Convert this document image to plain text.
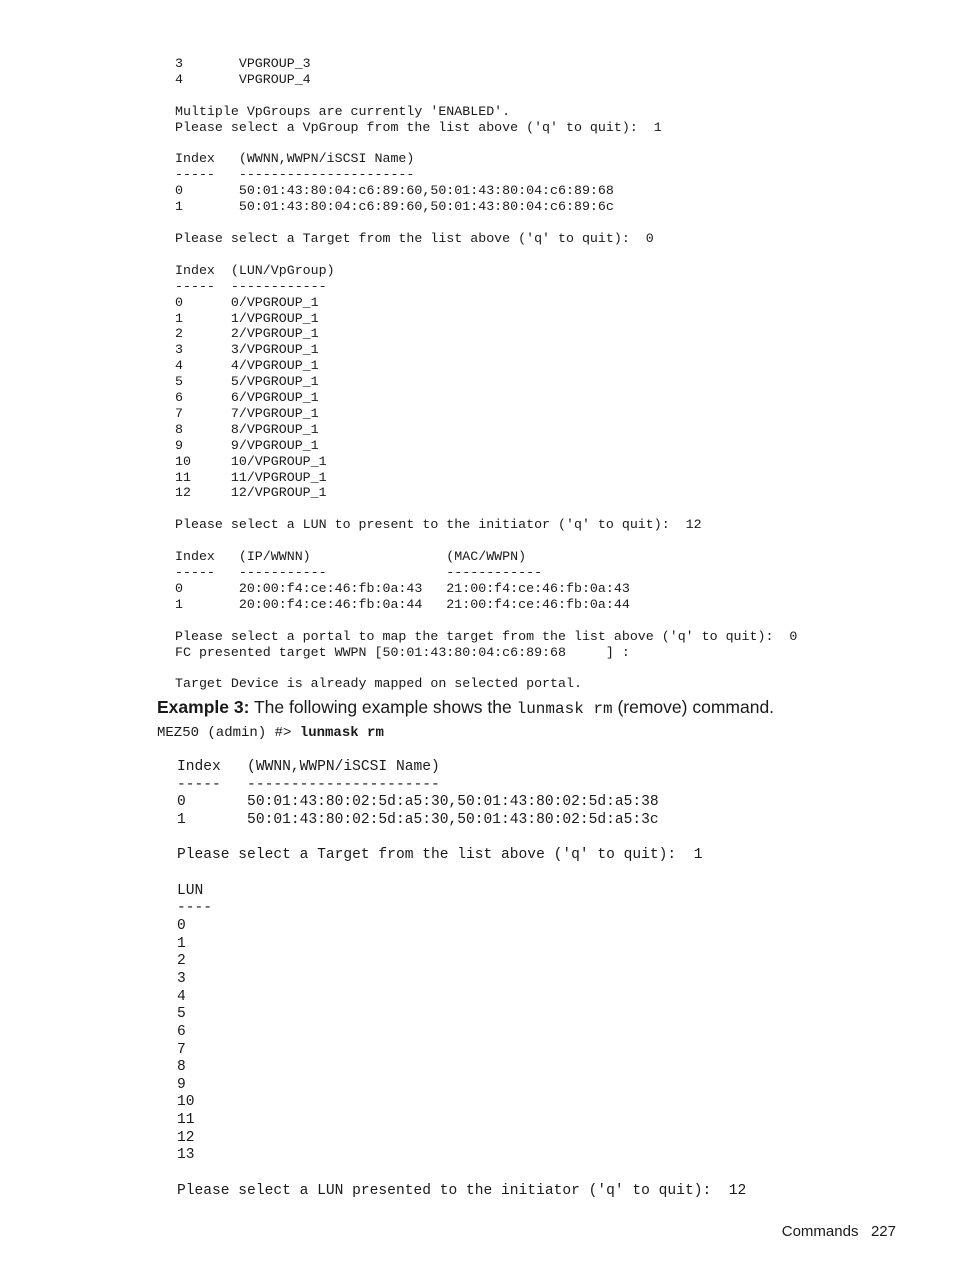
3       VPGROUP_3
4       VPGROUP_4

Multiple VpGroups are currently 'ENABLED'.
Please select a VpGroup from the list above ('q' to quit):  1

Index   (WWNN,WWPN/iSCSI Name)
-----   ----------------------
0       50:01:43:80:04:c6:89:60,50:01:43:80:04:c6:89:68
1       50:01:43:80:04:c6:89:60,50:01:43:80:04:c6:89:6c

Please select a Target from the list above ('q' to quit):  0

Index  (LUN/VpGroup)
-----  ------------
0      0/VPGROUP_1
1      1/VPGROUP_1
2      2/VPGROUP_1
3      3/VPGROUP_1
4      4/VPGROUP_1
5      5/VPGROUP_1
6      6/VPGROUP_1
7      7/VPGROUP_1
8      8/VPGROUP_1
9      9/VPGROUP_1
10     10/VPGROUP_1
11     11/VPGROUP_1
12     12/VPGROUP_1

Please select a LUN to present to the initiator ('q' to quit):  12

Index   (IP/WWNN)                 (MAC/WWPN)
-----   -----------               ------------
0       20:00:f4:ce:46:fb:0a:43   21:00:f4:ce:46:fb:0a:43
1       20:00:f4:ce:46:fb:0a:44   21:00:f4:ce:46:fb:0a:44

Please select a portal to map the target from the list above ('q' to quit):  0
FC presented target WWPN [50:01:43:80:04:c6:89:68     ] :

Target Device is already mapped on selected portal.
Example 3: The following example shows the lunmask rm (remove) command.
MEZ50 (admin) #> lunmask rm
Index   (WWNN,WWPN/iSCSI Name)
-----   ----------------------
0       50:01:43:80:02:5d:a5:30,50:01:43:80:02:5d:a5:38
1       50:01:43:80:02:5d:a5:30,50:01:43:80:02:5d:a5:3c

Please select a Target from the list above ('q' to quit):  1

LUN
----
0
1
2
3
4
5
6
7
8
9
10
11
12
13

Please select a LUN presented to the initiator ('q' to quit):  12
Commands 227
